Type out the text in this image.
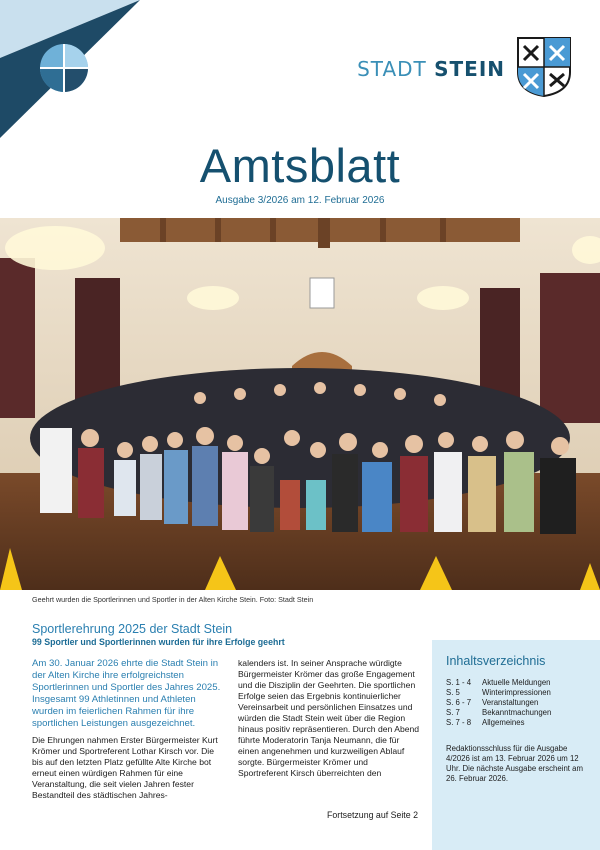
STADT STEIN
Amtsblatt
Ausgabe 3/2026 am 12. Februar 2026
Geehrt wurden die Sportlerinnen und Sportler in der Alten Kirche Stein. Foto: Stadt Stein
Sportlerehrung 2025 der Stadt Stein
99 Sportler und Sportlerinnen wurden für ihre Erfolge geehrt

Am 30. Januar 2026 ehrte die Stadt Stein in der Alten Kirche ihre erfolgreichsten Sportlerinnen und Sportler des Jahres 2025. Insgesamt 99 Athletinnen und Athleten wurden im feierlichen Rahmen für ihre sportlichen Leistungen ausgezeichnet.

Die Ehrungen nahmen Erster Bürgermeister Kurt Krömer und Sportreferent Lothar Kirsch vor. Die bis auf den letzten Platz gefüllte Alte Kirche bot erneut einen würdigen Rahmen für eine Veranstaltung, die seit vielen Jahren fester Bestandteil des städtischen Jahres-

kalenders ist. In seiner Ansprache würdigte Bürgermeister Krömer das große Engagement und die Disziplin der Geehrten. Die sportlichen Erfolge seien das Ergebnis kontinuierlicher Vereinsarbeit und persönlichen Einsatzes und würden die Stadt Stein weit über die Region hinaus positiv repräsentieren. Durch den Abend führte Moderatorin Tanja Neumann, die für einen angenehmen und kurzweiligen Ablauf sorgte. Bürgermeister Krömer und Sportreferent Kirsch überreichten den

Fortsetzung auf Seite 2
Inhaltsverzeichnis
S. 1 - 4	Aktuelle Meldungen
S. 5	Winterimpressionen
S. 6 - 7	Veranstaltungen
S. 7	Bekanntmachungen
S. 7 - 8	Allgemeines

Redaktionsschluss für die Ausgabe 4/2026 ist am 13. Februar 2026 um 12 Uhr. Die nächste Ausgabe erscheint am 26. Februar 2026.
